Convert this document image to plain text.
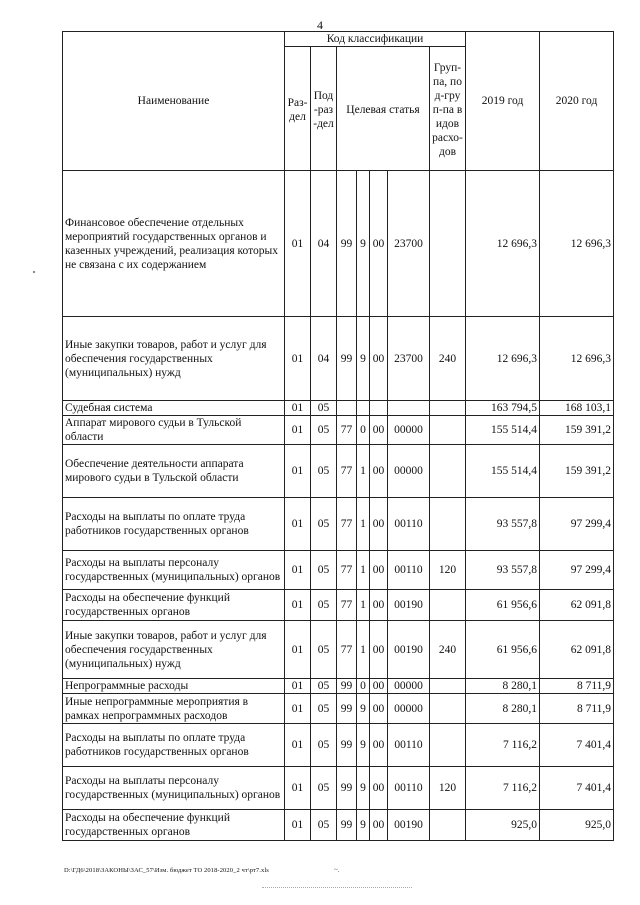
4
Наименование	Код классификации							2019 год	2020 год

	Раз-дел	Под-раз-дел	Целевая статья				Груп-па, под-груп-па видов расхо-дов		

Финансовое обеспечение отдельных мероприятий государственных органов и казенных учреждений, реализация которых не связана с их содержанием	01	04	99	9	00	23700		12 696,3	12 696,3
Иные закупки товаров, работ и услуг для обеспечения государственных (муниципальных) нужд	01	04	99	9	00	23700	240	12 696,3	12 696,3
Судебная система	01	05						163 794,5	168 103,1
Аппарат мирового судьи в Тульской области	01	05	77	0	00	00000		155 514,4	159 391,2
Обеспечение деятельности аппарата мирового судьи в Тульской области	01	05	77	1	00	00000		155 514,4	159 391,2
Расходы на выплаты по оплате труда работников государственных органов	01	05	77	1	00	00110		93 557,8	97 299,4
Расходы на выплаты персоналу государственных (муниципальных) органов	01	05	77	1	00	00110	120	93 557,8	97 299,4
Расходы на обеспечение функций государственных органов	01	05	77	1	00	00190		61 956,6	62 091,8
Иные закупки товаров, работ и услуг для обеспечения государственных (муниципальных) нужд	01	05	77	1	00	00190	240	61 956,6	62 091,8
Непрограммные расходы	01	05	99	0	00	00000		8 280,1	8 711,9
Иные непрограммные мероприятия в рамках непрограммных расходов	01	05	99	9	00	00000		8 280,1	8 711,9
Расходы на выплаты по оплате труда работников государственных органов	01	05	99	9	00	00110		7 116,2	7 401,4
Расходы на выплаты персоналу государственных (муниципальных) органов	01	05	99	9	00	00110	120	7 116,2	7 401,4
Расходы на обеспечение функций государственных органов	01	05	99	9	00	00190		925,0	925,0
D:\ГД6\2018\ЗАКОНЫ\ЗАС_57\Изм. бюджет ТО 2018-2020_2 чт\рт7.xls	~.
